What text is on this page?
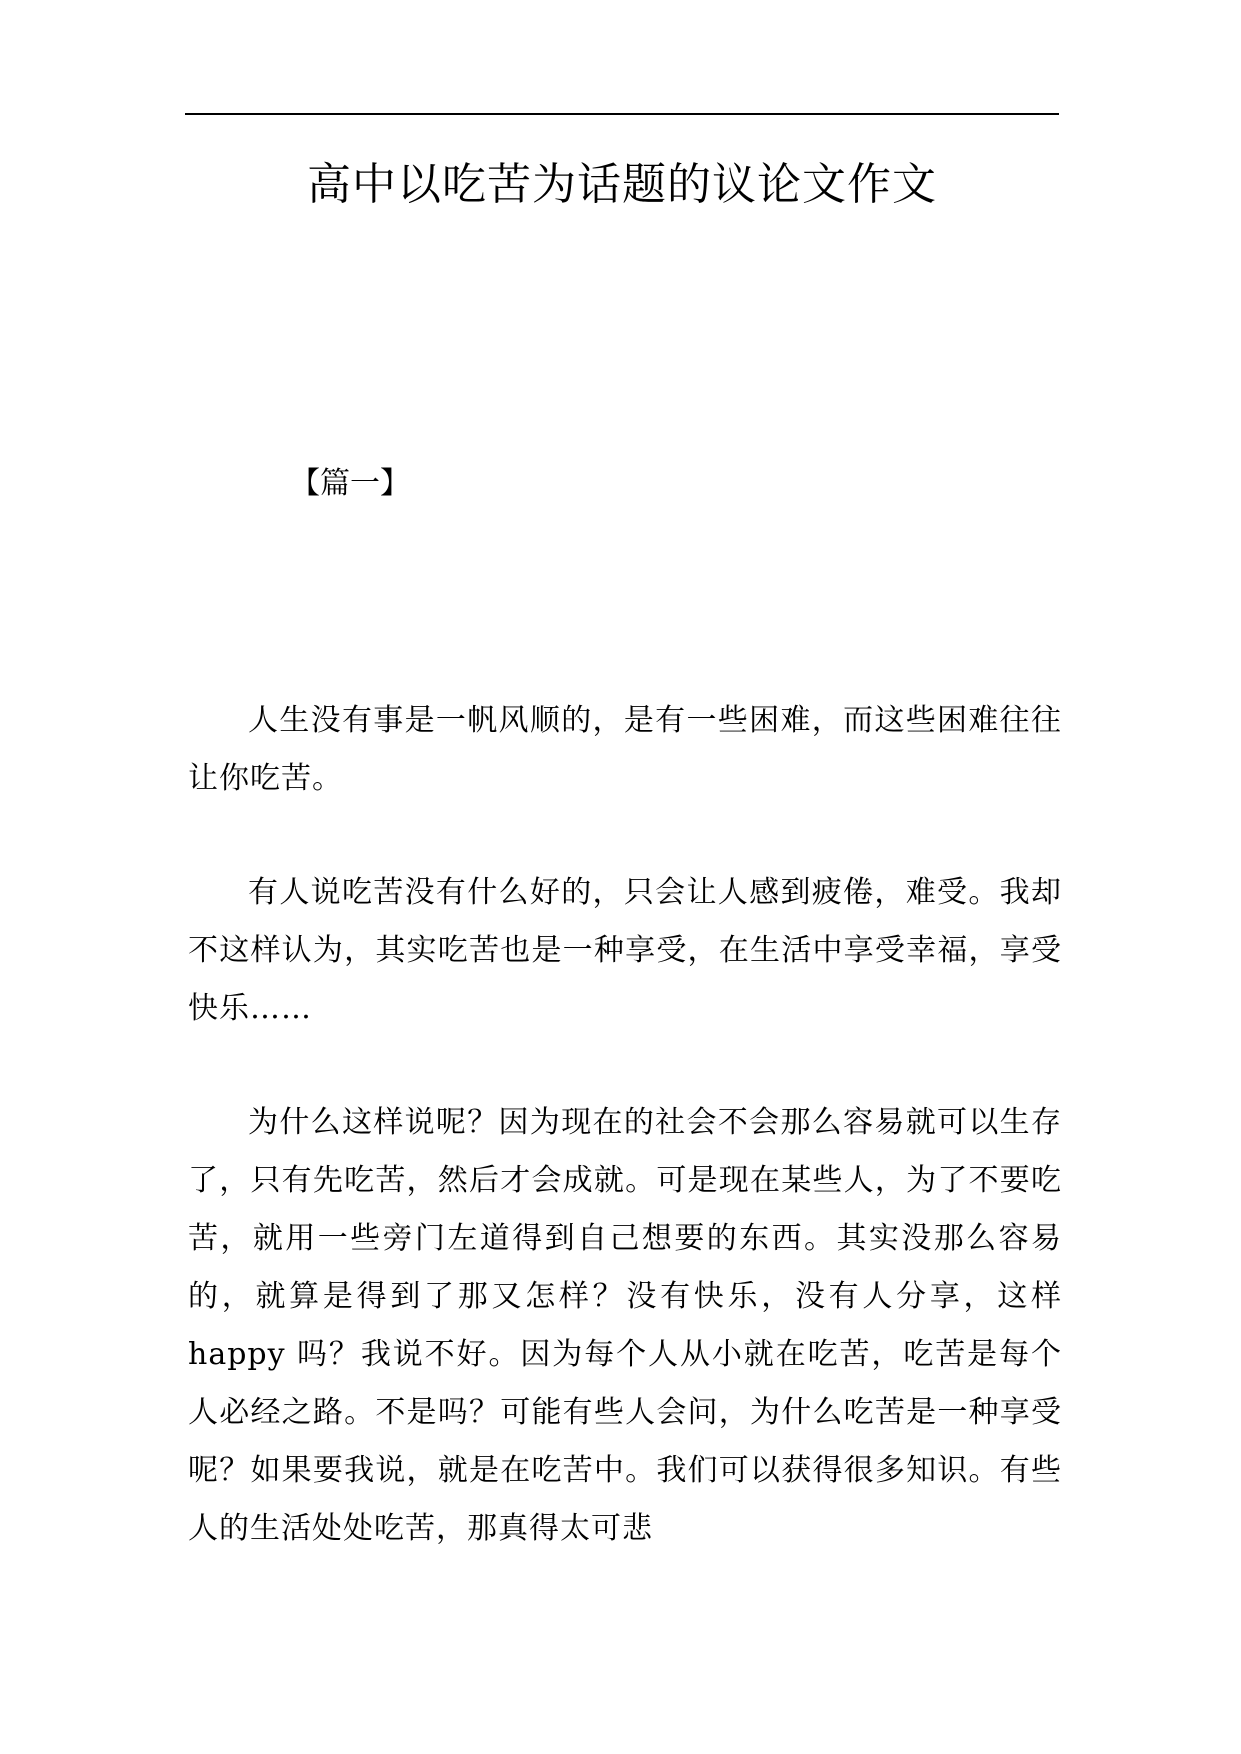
高中以吃苦为话题的议论文作文

【篇一】

人生没有事是一帆风顺的，是有一些困难，而这些困难往往让你吃苦。

有人说吃苦没有什么好的，只会让人感到疲倦，难受。我却不这样认为，其实吃苦也是一种享受，在生活中享受幸福，享受快乐……

为什么这样说呢？因为现在的社会不会那么容易就可以生存了，只有先吃苦，然后才会成就。可是现在某些人，为了不要吃苦，就用一些旁门左道得到自己想要的东西。其实没那么容易的，就算是得到了那又怎样？没有快乐，没有人分享，这样 happy 吗？我说不好。因为每个人从小就在吃苦，吃苦是每个人必经之路。不是吗？可能有些人会问，为什么吃苦是一种享受呢？如果要我说，就是在吃苦中。我们可以获得很多知识。有些人的生活处处吃苦，那真得太可悲
